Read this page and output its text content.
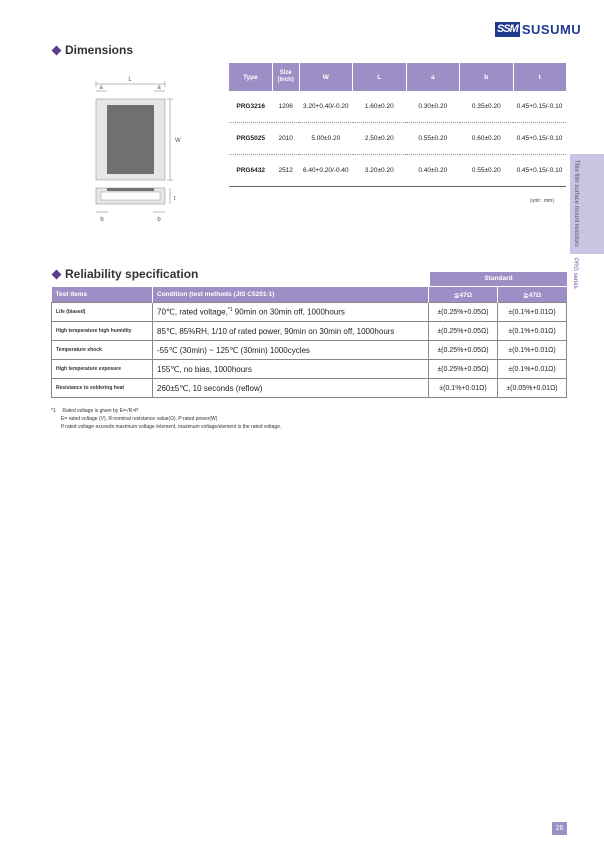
SSM SUSUMU
Dimensions
L
a	a
W
t
b	b
Type	Size
(inch)	W	L	a	b	t
PRG3216	1206	3.20+0.40/-0.20	1.60±0.20	0.30±0.20	0.35±0.20	0.45+0.15/-0.10
PRG5025	2010	5.00±0.20	2.50±0.20	0.55±0.20	0.60±0.20	0.45+0.15/-0.10
PRG6432	2512	6.40+0.20/-0.40	3.20±0.20	0.40±0.20	0.55±0.20	0.45+0.15/-0.10
(unit : mm)	Thin film surface mount resistors
PRG series
Reliability specification	Standard
Test items	Condition (test methods (JIS C5201-1)	≦47Ω	≧47Ω
Life (biased)	70℃, rated voltage,$^{*1}$ 90min on 30min off, 1000hours	±(0.25%+0.05Ω)	±(0.1%+0.01Ω)
High temperature high humidity	85℃, 85%RH, 1/10 of rated power, 90min on 30min off, 1000hours	±(0.25%+0.05Ω)	±(0.1%+0.01Ω)
Temperature shock	-55℃ (30min) ~ 125℃ (30min) 1000cycles	±(0.25%+0.05Ω)	±(0.1%+0.01Ω)
High temperature exposure	155℃, no bias, 1000hours	±(0.25%+0.05Ω)	±(0.1%+0.01Ω)
Resistance to soldering heat	260±5℃, 10 seconds (reflow)	±(0.1%+0.01Ω)	±(0.05%+0.01Ω)
*1 Rated voltage is given by E=√R×P
E= rated voltage (V), R:nominal resistance value(Ω), P:rated power(W)
If rated voltage exceeds maximum voltage /element, maximum voltage/element is the rated voltage.
26
